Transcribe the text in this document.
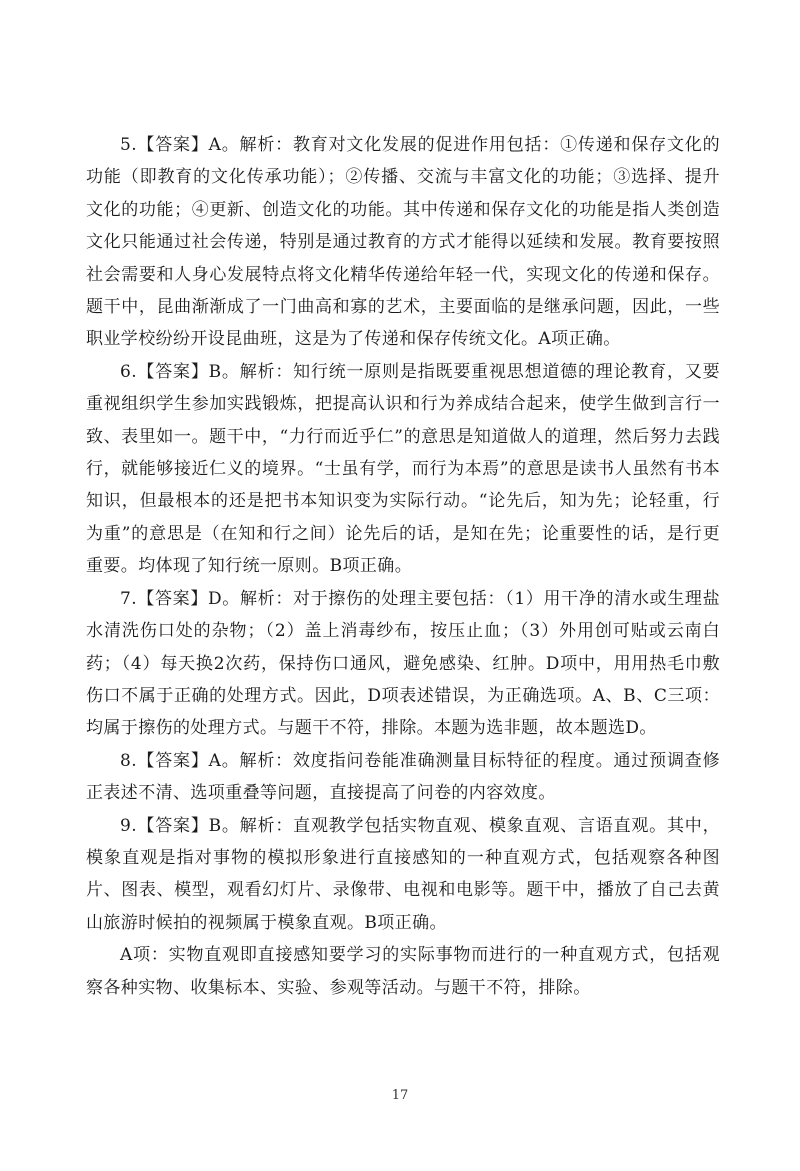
5.【答案】A。解析：教育对文化发展的促进作用包括：①传递和保存文化的功能（即教育的文化传承功能）；②传播、交流与丰富文化的功能；③选择、提升文化的功能；④更新、创造文化的功能。其中传递和保存文化的功能是指人类创造文化只能通过社会传递，特别是通过教育的方式才能得以延续和发展。教育要按照社会需要和人身心发展特点将文化精华传递给年轻一代，实现文化的传递和保存。题干中，昆曲渐渐成了一门曲高和寡的艺术，主要面临的是继承问题，因此，一些职业学校纷纷开设昆曲班，这是为了传递和保存传统文化。A项正确。

6.【答案】B。解析：知行统一原则是指既要重视思想道德的理论教育，又要重视组织学生参加实践锻炼，把提高认识和行为养成结合起来，使学生做到言行一致、表里如一。题干中，“力行而近乎仁”的意思是知道做人的道理，然后努力去践行，就能够接近仁义的境界。“士虽有学，而行为本焉”的意思是读书人虽然有书本知识，但最根本的还是把书本知识变为实际行动。“论先后，知为先；论轻重，行为重”的意思是（在知和行之间）论先后的话，是知在先；论重要性的话，是行更重要。均体现了知行统一原则。B项正确。

7.【答案】D。解析：对于擦伤的处理主要包括：（1）用干净的清水或生理盐水清洗伤口处的杂物；（2）盖上消毒纱布，按压止血；（3）外用创可贴或云南白药；（4）每天换2次药，保持伤口通风，避免感染、红肿。D项中，用用热毛巾敷伤口不属于正确的处理方式。因此，D项表述错误，为正确选项。A、B、C三项：均属于擦伤的处理方式。与题干不符，排除。本题为选非题，故本题选D。

8.【答案】A。解析：效度指问卷能准确测量目标特征的程度。通过预调查修正表述不清、选项重叠等问题，直接提高了问卷的内容效度。

9.【答案】B。解析：直观教学包括实物直观、模象直观、言语直观。其中，模象直观是指对事物的模拟形象进行直接感知的一种直观方式，包括观察各种图片、图表、模型，观看幻灯片、录像带、电视和电影等。题干中，播放了自己去黄山旅游时候拍的视频属于模象直观。B项正确。

A项：实物直观即直接感知要学习的实际事物而进行的一种直观方式，包括观察各种实物、收集标本、实验、参观等活动。与题干不符，排除。

17
